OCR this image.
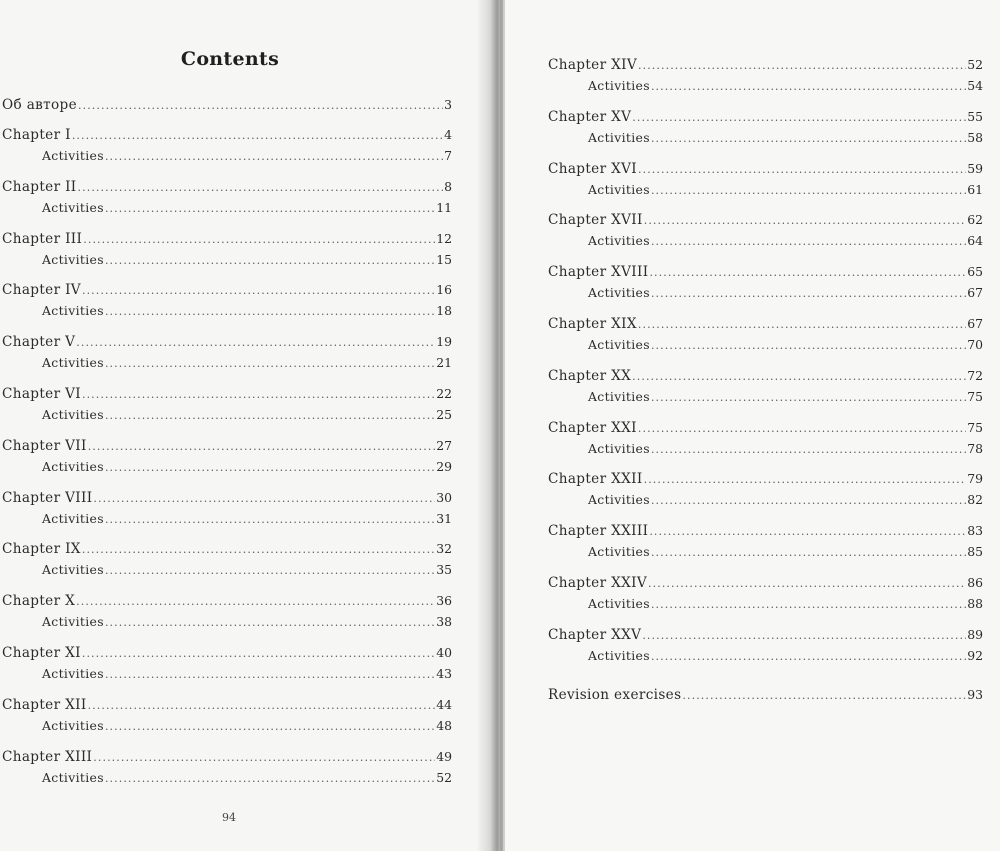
Contents
Об авторе .....	3
Chapter I .....	4
Activities .....	7
Chapter II .....	8
Activities .....	11
Chapter III .....	12
Activities .....	15
Chapter IV .....	16
Activities .....	18
Chapter V .....	19
Activities .....	21
Chapter VI .....	22
Activities .....	25
Chapter VII .....	27
Activities .....	29
Chapter VIII .....	30
Activities .....	31
Chapter IX .....	32
Activities .....	35
Chapter X .....	36
Activities .....	38
Chapter XI .....	40
Activities .....	43
Chapter XII .....	44
Activities .....	48
Chapter XIII .....	49
Activities .....	52
94
Chapter XIV .....	52
Activities .....	54
Chapter XV .....	55
Activities .....	58
Chapter XVI .....	59
Activities .....	61
Chapter XVII .....	62
Activities .....	64
Chapter XVIII .....	65
Activities .....	67
Chapter XIX .....	67
Activities .....	70
Chapter XX .....	72
Activities .....	75
Chapter XXI .....	75
Activities .....	78
Chapter XXII .....	79
Activities .....	82
Chapter XXIII .....	83
Activities .....	85
Chapter XXIV .....	86
Activities .....	88
Chapter XXV .....	89
Activities .....	92
Revision exercises .....	93
